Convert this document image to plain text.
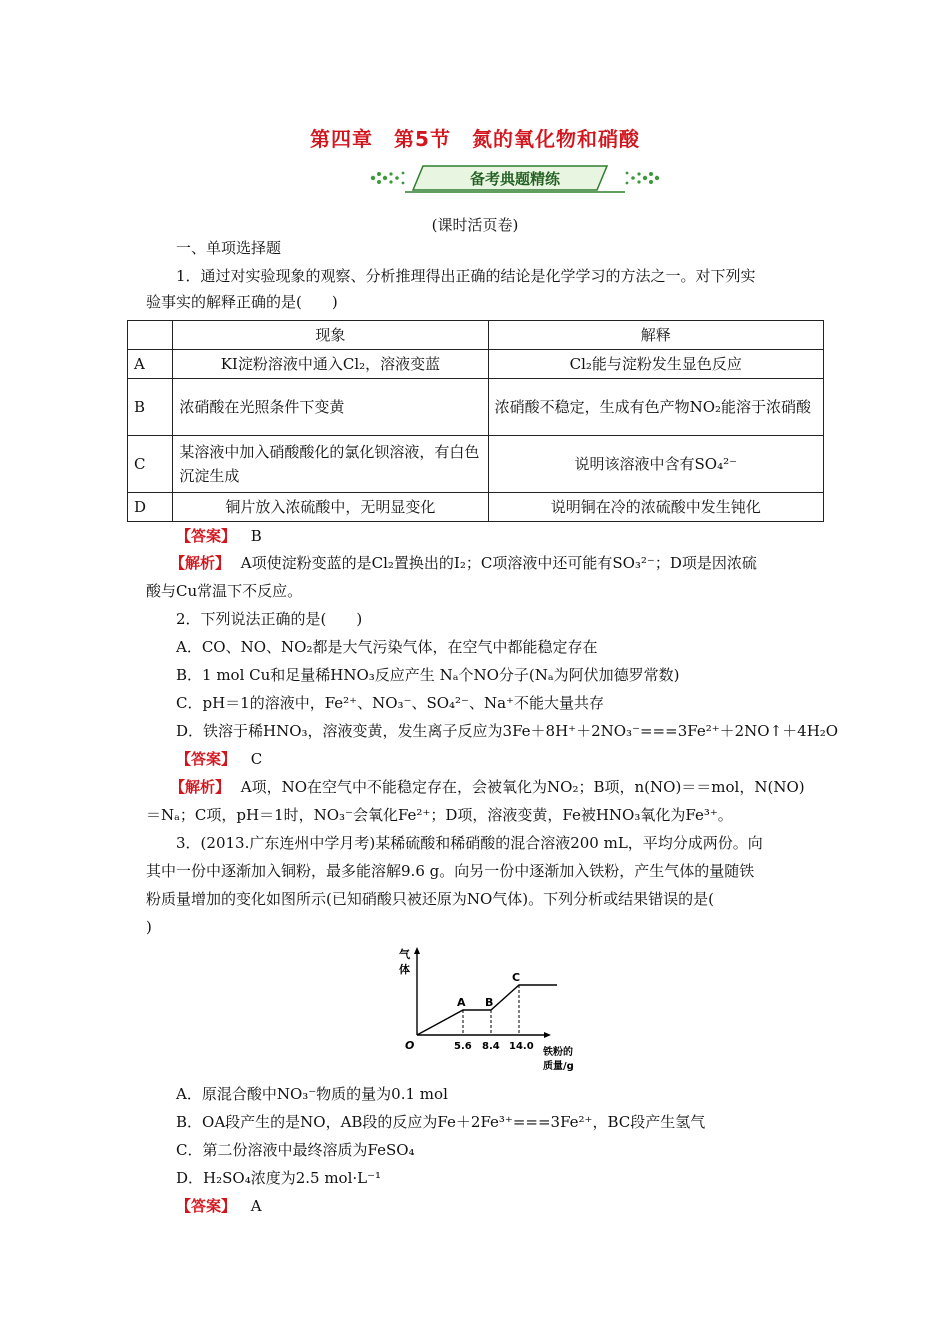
第四章　第5节　氮的氧化物和硝酸
备考典题精练
(课时活页卷)
一、单项选择题
1．通过对实验现象的观察、分析推理得出正确的结论是化学学习的方法之一。对下列实
验事实的解释正确的是(　　)
	现象	解释
A	KI淀粉溶液中通入Cl₂，溶液变蓝	Cl₂能与淀粉发生显色反应
B	浓硝酸在光照条件下变黄	浓硝酸不稳定，生成有色产物NO₂能溶于浓硝酸
C	某溶液中加入硝酸酸化的氯化钡溶液，有白色沉淀生成	说明该溶液中含有SO₄²⁻
D	铜片放入浓硫酸中，无明显变化	说明铜在冷的浓硫酸中发生钝化
【答案】 B
【解析】 A项使淀粉变蓝的是Cl₂置换出的I₂；C项溶液中还可能有SO₃²⁻；D项是因浓硫
酸与Cu常温下不反应。
2．下列说法正确的是(　　)
A．CO、NO、NO₂都是大气污染气体，在空气中都能稳定存在
B．1 mol Cu和足量稀HNO₃反应产生 Nₐ个NO分子(Nₐ为阿伏加德罗常数)
C．pH＝1的溶液中，Fe²⁺、NO₃⁻、SO₄²⁻、Na⁺不能大量共存
D．铁溶于稀HNO₃，溶液变黄，发生离子反应为3Fe＋8H⁺＋2NO₃⁻===3Fe²⁺＋2NO↑＋4H₂O
【答案】 C
【解析】 A项，NO在空气中不能稳定存在，会被氧化为NO₂；B项，n(NO)＝＝mol，N(NO)
＝Nₐ；C项，pH＝1时，NO₃⁻会氧化Fe²⁺；D项，溶液变黄，Fe被HNO₃氧化为Fe³⁺。
3．(2013.广东连州中学月考)某稀硫酸和稀硝酸的混合溶液200 mL，平均分成两份。向
其中一份中逐渐加入铜粉，最多能溶解9.6 g。向另一份中逐渐加入铁粉，产生气体的量随铁
粉质量增加的变化如图所示(已知硝酸只被还原为NO气体)。下列分析或结果错误的是(
)
气
体
O
A B
C
5.6 8.4 14.0
铁粉的
质量/g
A．原混合酸中NO₃⁻物质的量为0.1 mol
B．OA段产生的是NO，AB段的反应为Fe＋2Fe³⁺===3Fe²⁺，BC段产生氢气
C．第二份溶液中最终溶质为FeSO₄
D．H₂SO₄浓度为2.5 mol·L⁻¹
【答案】 A
